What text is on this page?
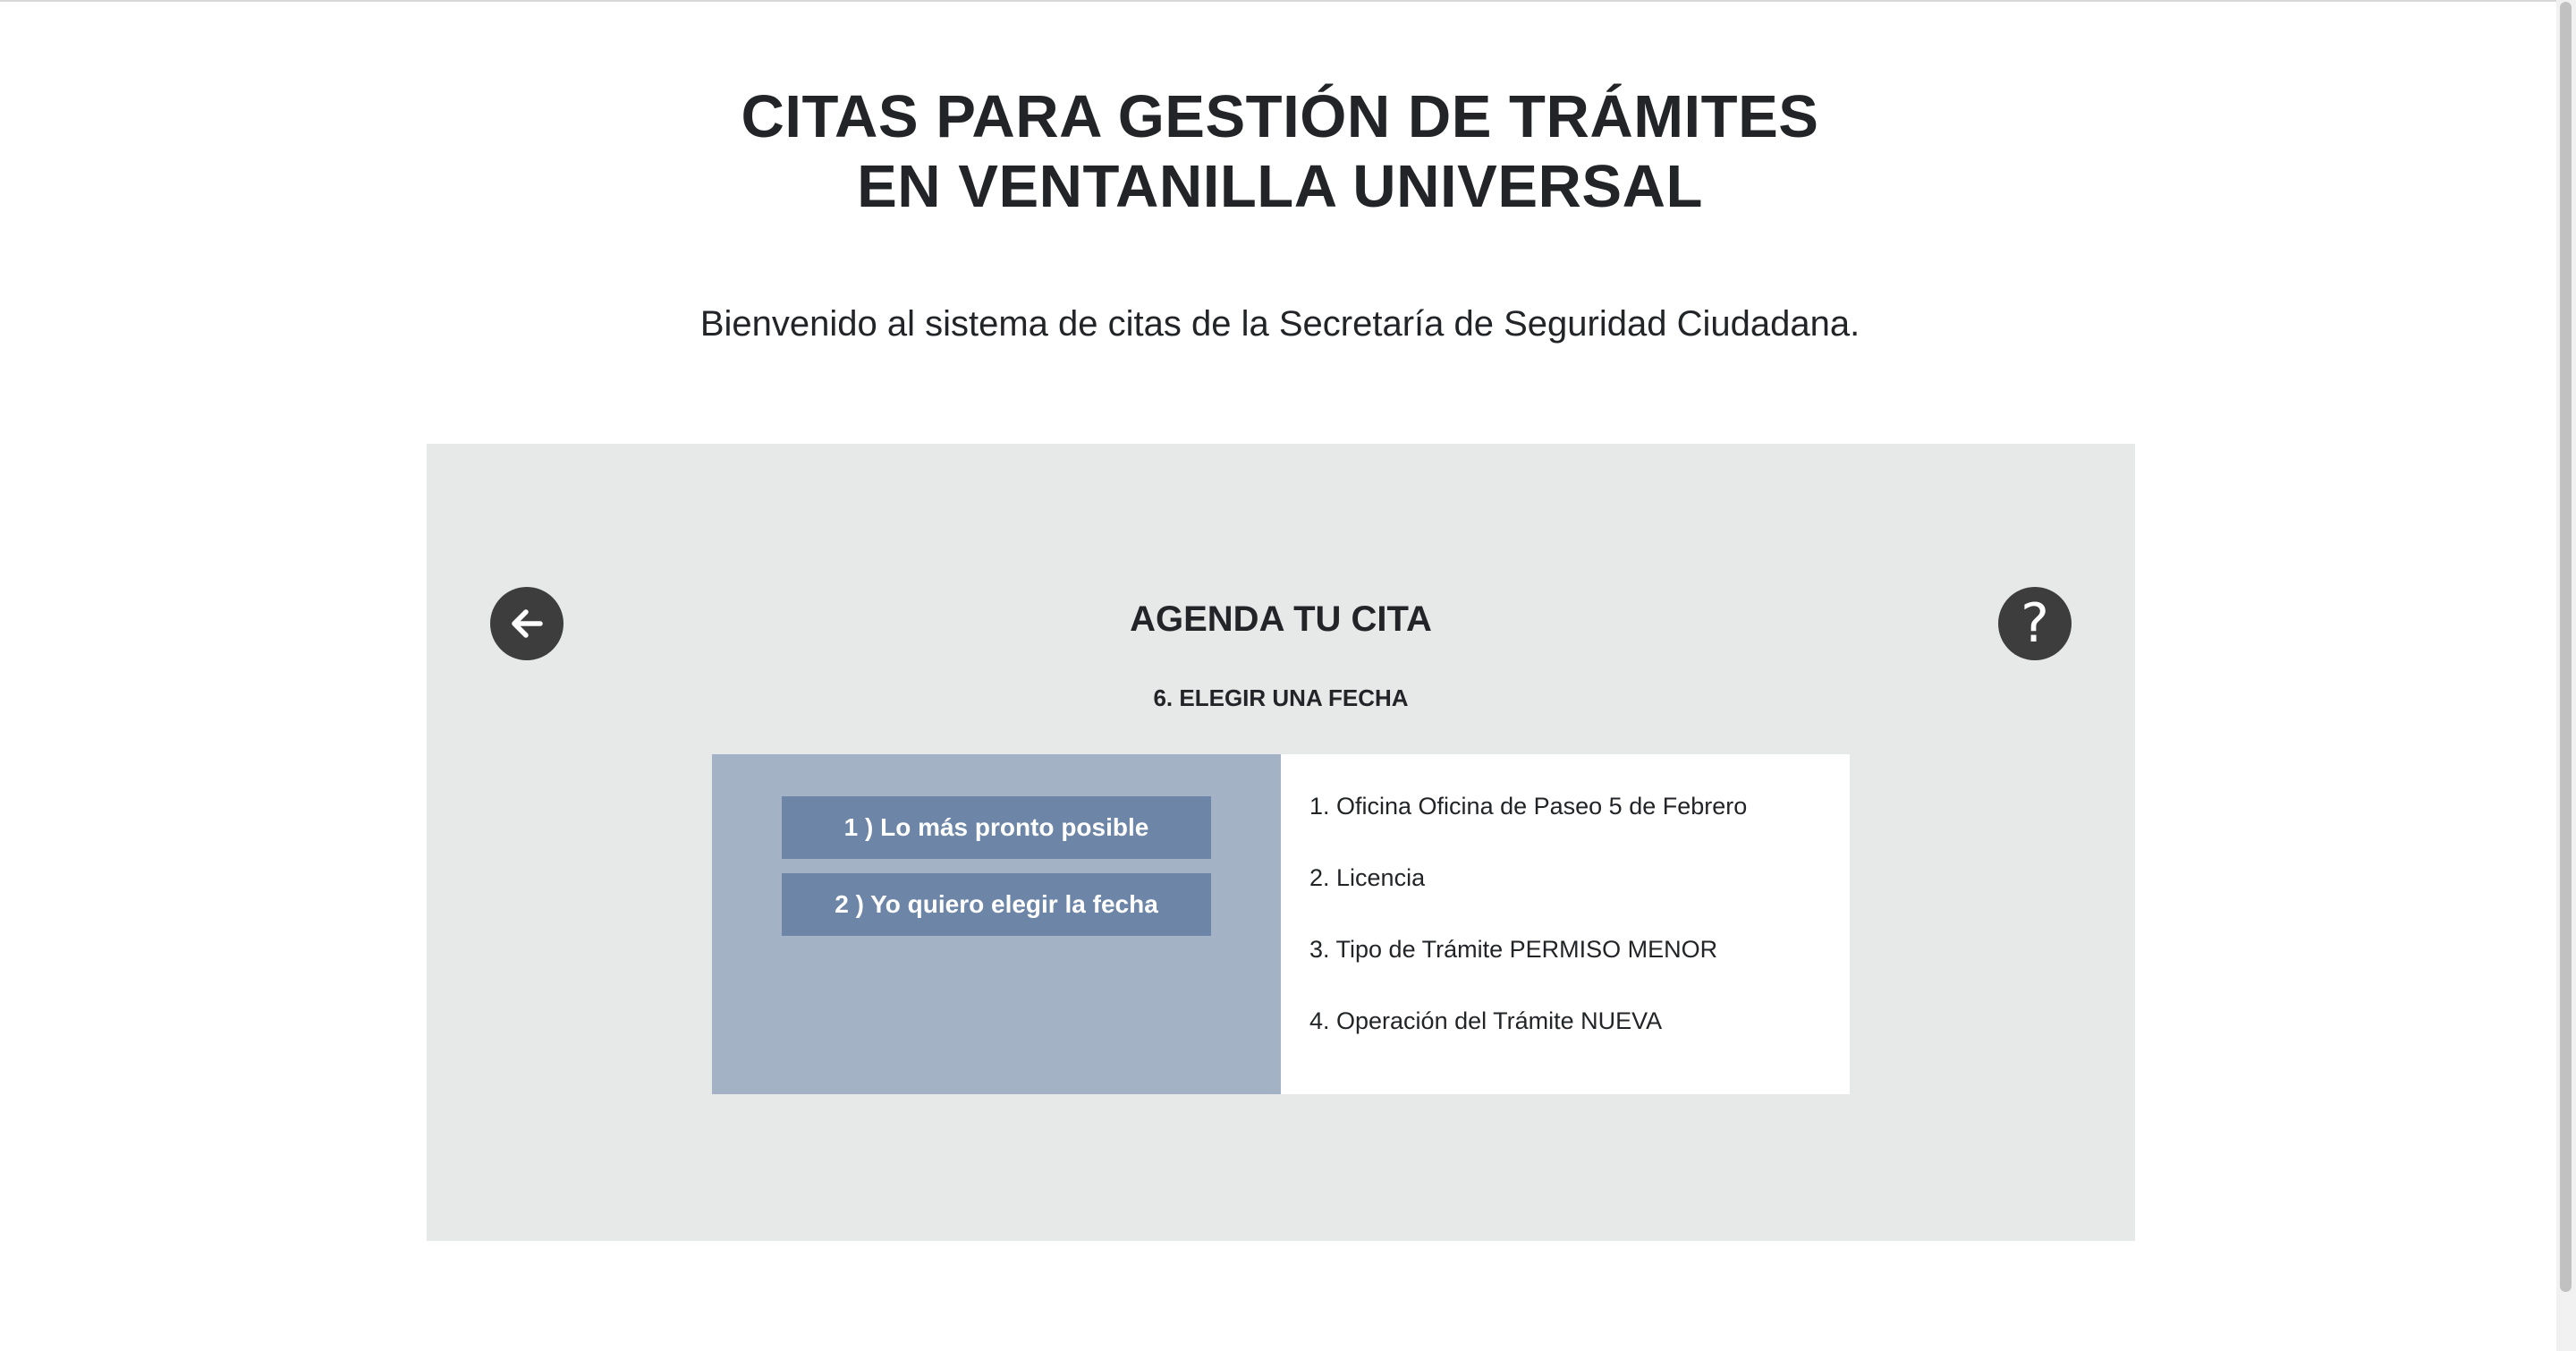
CITAS PARA GESTIÓN DE TRÁMITES
EN VENTANILLA UNIVERSAL

Bienvenido al sistema de citas de la Secretaría de Seguridad Ciudadana.

AGENDA TU CITA	?
6. ELEGIR UNA FECHA
1 ) Lo más pronto posible
2 ) Yo quiero elegir la fecha
1. Oficina Oficina de Paseo 5 de Febrero
2. Licencia
3. Tipo de Trámite PERMISO MENOR
4. Operación del Trámite NUEVA
